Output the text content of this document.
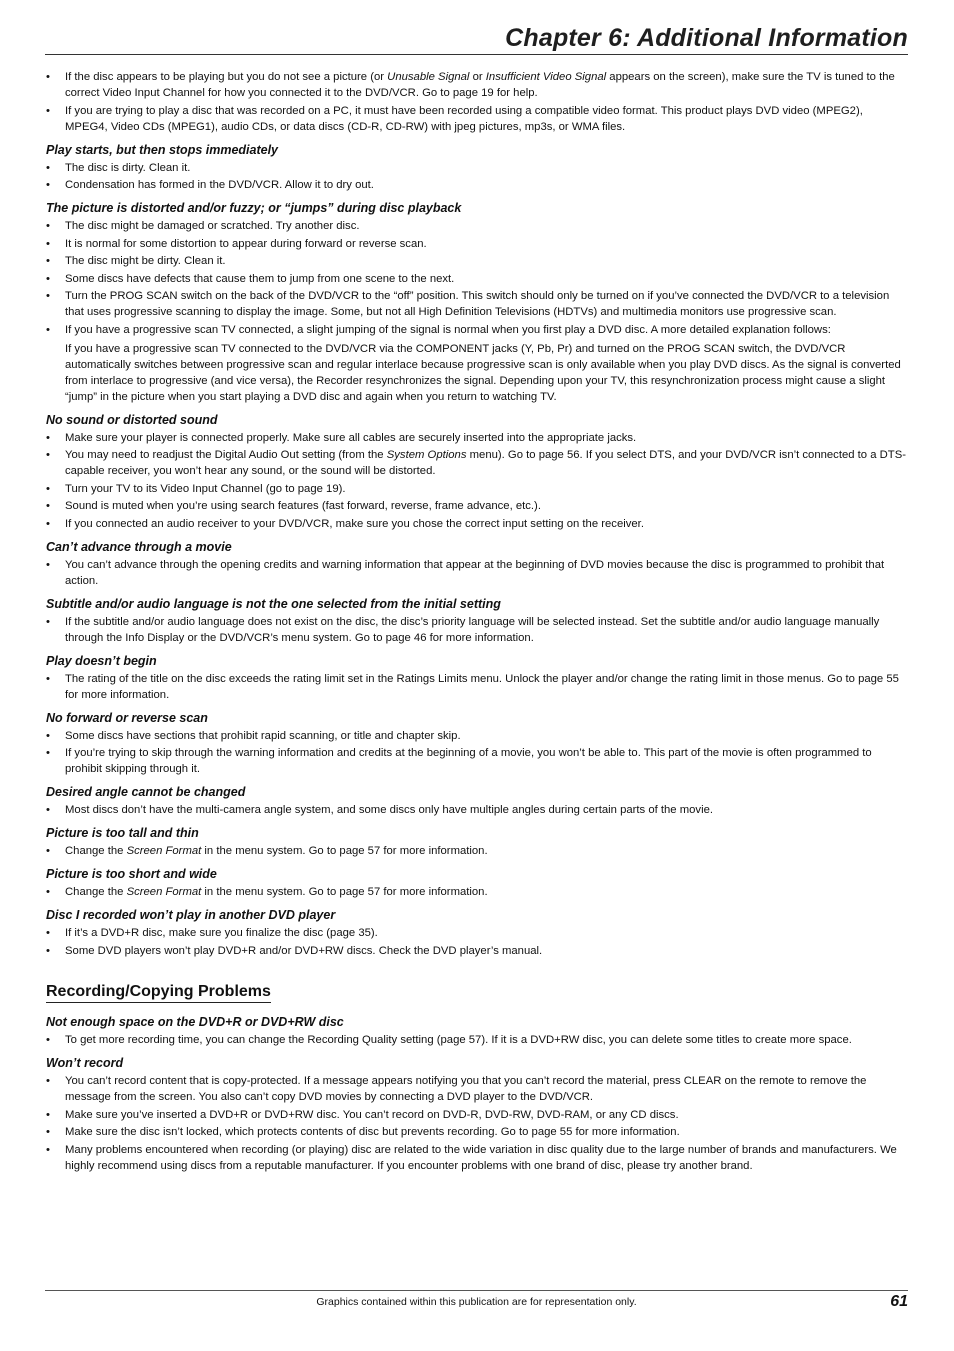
Chapter 6: Additional Information
• If the disc appears to be playing but you do not see a picture (or Unusable Signal or Insufficient Video Signal appears on the screen), make sure the TV is tuned to the correct Video Input Channel for how you connected it to the DVD/VCR. Go to page 19 for help.
• If you are trying to play a disc that was recorded on a PC, it must have been recorded using a compatible video format. This product plays DVD video (MPEG2), MPEG4, Video CDs (MPEG1), audio CDs, or data discs (CD-R, CD-RW) with jpeg pictures, mp3s, or WMA files.
Play starts, but then stops immediately
• The disc is dirty. Clean it.
• Condensation has formed in the DVD/VCR. Allow it to dry out.
The picture is distorted and/or fuzzy; or “jumps” during disc playback
• The disc might be damaged or scratched. Try another disc.
• It is normal for some distortion to appear during forward or reverse scan.
• The disc might be dirty. Clean it.
• Some discs have defects that cause them to jump from one scene to the next.
• Turn the PROG SCAN switch on the back of the DVD/VCR to the “off” position. This switch should only be turned on if you’ve connected the DVD/VCR to a television that uses progressive scanning to display the image. Some, but not all High Definition Televisions (HDTVs) and multimedia monitors use progressive scan.
• If you have a progressive scan TV connected, a slight jumping of the signal is normal when you first play a DVD disc. A more detailed explanation follows:
If you have a progressive scan TV connected to the DVD/VCR via the COMPONENT jacks (Y, Pb, Pr) and turned on the PROG SCAN switch, the DVD/VCR automatically switches between progressive scan and regular interlace because progressive scan is only available when you play DVD discs. As the signal is converted from interlace to progressive (and vice versa), the Recorder resynchronizes the signal. Depending upon your TV, this resynchronization process might cause a slight “jump” in the picture when you start playing a DVD disc and again when you return to watching TV.
No sound or distorted sound
• Make sure your player is connected properly. Make sure all cables are securely inserted into the appropriate jacks.
• You may need to readjust the Digital Audio Out setting (from the System Options menu). Go to page 56. If you select DTS, and your DVD/VCR isn’t connected to a DTS-capable receiver, you won’t hear any sound, or the sound will be distorted.
• Turn your TV to its Video Input Channel (go to page 19).
• Sound is muted when you’re using search features (fast forward, reverse, frame advance, etc.).
• If you connected an audio receiver to your DVD/VCR, make sure you chose the correct input setting on the receiver.
Can’t advance through a movie
• You can’t advance through the opening credits and warning information that appear at the beginning of DVD movies because the disc is programmed to prohibit that action.
Subtitle and/or audio language is not the one selected from the initial setting
• If the subtitle and/or audio language does not exist on the disc, the disc’s priority language will be selected instead. Set the subtitle and/or audio language manually through the Info Display or the DVD/VCR’s menu system. Go to page 46 for more information.
Play doesn’t begin
• The rating of the title on the disc exceeds the rating limit set in the Ratings Limits menu. Unlock the player and/or change the rating limit in those menus. Go to page 55 for more information.
No forward or reverse scan
• Some discs have sections that prohibit rapid scanning, or title and chapter skip.
• If you’re trying to skip through the warning information and credits at the beginning of a movie, you won’t be able to. This part of the movie is often programmed to prohibit skipping through it.
Desired angle cannot be changed
• Most discs don’t have the multi-camera angle system, and some discs only have multiple angles during certain parts of the movie.
Picture is too tall and thin
• Change the Screen Format in the menu system. Go to page 57 for more information.
Picture is too short and wide
• Change the Screen Format in the menu system. Go to page 57 for more information.
Disc I recorded won’t play in another DVD player
• If it’s a DVD+R disc, make sure you finalize the disc (page 35).
• Some DVD players won’t play DVD+R and/or DVD+RW discs. Check the DVD player’s manual.
Recording/Copying Problems
Not enough space on the DVD+R or DVD+RW disc
• To get more recording time, you can change the Recording Quality setting (page 57). If it is a DVD+RW disc, you can delete some titles to create more space.
Won’t record
• You can’t record content that is copy-protected. If a message appears notifying you that you can’t record the material, press CLEAR on the remote to remove the message from the screen. You also can’t copy DVD movies by connecting a DVD player to the DVD/VCR.
• Make sure you’ve inserted a DVD+R or DVD+RW disc. You can’t record on DVD-R, DVD-RW, DVD-RAM, or any CD discs.
• Make sure the disc isn’t locked, which protects contents of disc but prevents recording. Go to page 55 for more information.
• Many problems encountered when recording (or playing) disc are related to the wide variation in disc quality due to the large number of brands and manufacturers. We highly recommend using discs from a reputable manufacturer. If you encounter problems with one brand of disc, please try another brand.
Graphics contained within this publication are for representation only.	61
